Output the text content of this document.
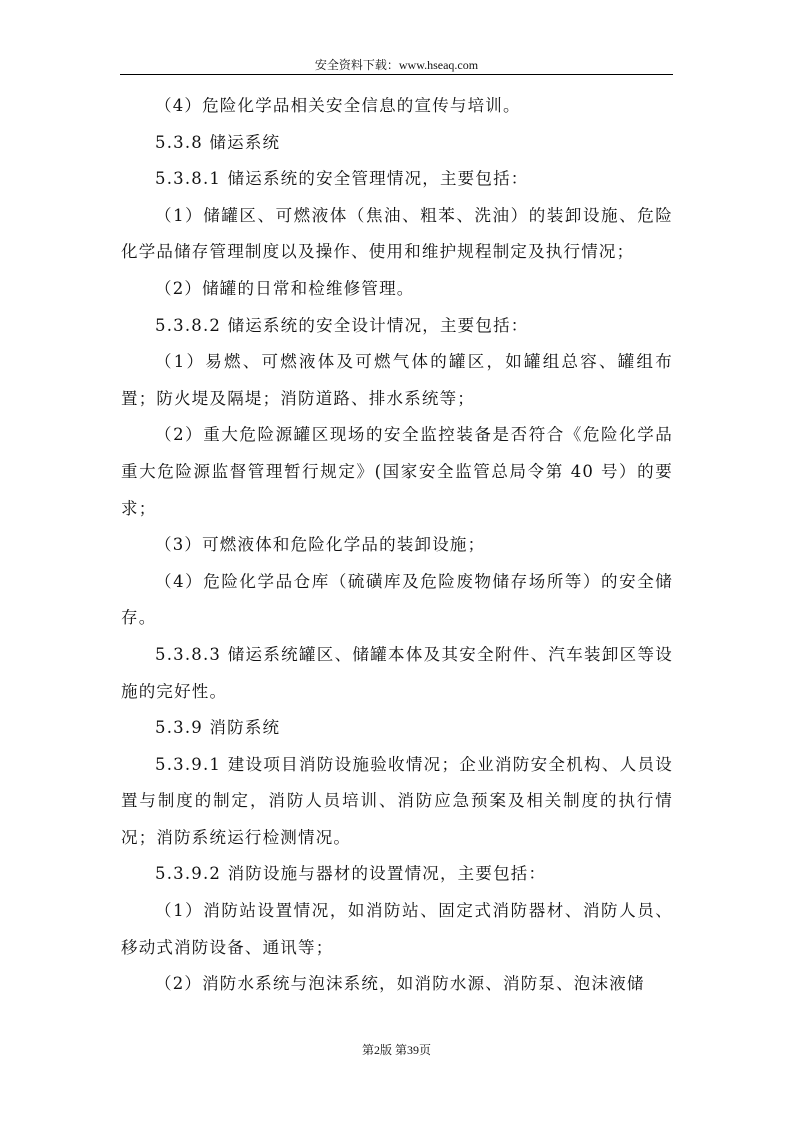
安全资料下载：www.hseaq.com

（4）危险化学品相关安全信息的宣传与培训。

5.3.8 储运系统

5.3.8.1 储运系统的安全管理情况，主要包括：

（1）储罐区、可燃液体（焦油、粗苯、洗油）的装卸设施、危险化学品储存管理制度以及操作、使用和维护规程制定及执行情况；

（2）储罐的日常和检维修管理。

5.3.8.2 储运系统的安全设计情况，主要包括：

（1）易燃、可燃液体及可燃气体的罐区，如罐组总容、罐组布置；防火堤及隔堤；消防道路、排水系统等；

（2）重大危险源罐区现场的安全监控装备是否符合《危险化学品重大危险源监督管理暂行规定》(国家安全监管总局令第 40 号）的要求；

（3）可燃液体和危险化学品的装卸设施；

（4）危险化学品仓库（硫磺库及危险废物储存场所等）的安全储存。

5.3.8.3 储运系统罐区、储罐本体及其安全附件、汽车装卸区等设施的完好性。

5.3.9 消防系统

5.3.9.1 建设项目消防设施验收情况；企业消防安全机构、人员设置与制度的制定，消防人员培训、消防应急预案及相关制度的执行情况；消防系统运行检测情况。

5.3.9.2 消防设施与器材的设置情况，主要包括：

（1）消防站设置情况，如消防站、固定式消防器材、消防人员、移动式消防设备、通讯等；

（2）消防水系统与泡沫系统，如消防水源、消防泵、泡沫液储

第2版 第39页
